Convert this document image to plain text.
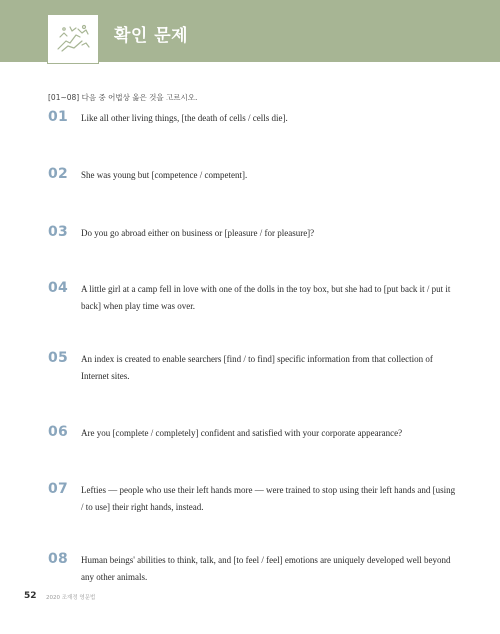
확인 문제
[01~08] 다음 중 어법상 옳은 것을 고르시오.
01 Like all other living things, [the death of cells / cells die].
02 She was young but [competence / competent].
03 Do you go abroad either on business or [pleasure / for pleasure]?
04 A little girl at a camp fell in love with one of the dolls in the toy box, but she had to [put back it / put it back] when play time was over.
05 An index is created to enable searchers [find / to find] specific information from that collection of Internet sites.
06 Are you [complete / completely] confident and satisfied with your corporate appearance?
07 Lefties — people who use their left hands more — were trained to stop using their left hands and [using / to use] their right hands, instead.
08 Human beings' abilities to think, talk, and [to feel / feel] emotions are uniquely developed well beyond any other animals.
52 2020 조재정 영문법
